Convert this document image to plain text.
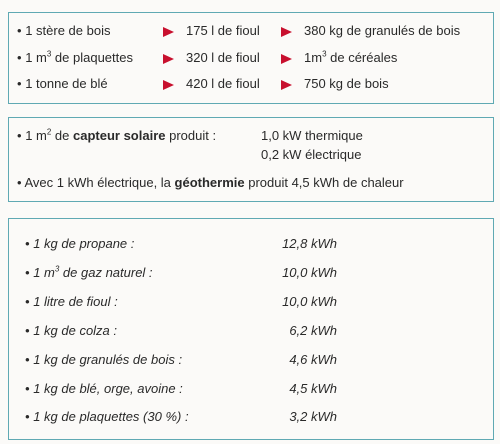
• 1 stère de bois	175 l de fioul	380 kg de granulés de bois
• 1 $m^3$ de plaquettes	320 l de fioul	$1m^3$ de céréales
• 1 tonne de blé	420 l de fioul	750 kg de bois
• 1 $m^2$ de capteur solaire produit :	1,0 kW thermique
0,2 kW électrique
• Avec 1 kWh électrique, la géothermie produit 4,5 kWh de chaleur
• 1 kg de propane :	12,8 kWh
• 1 $m^3$ de gaz naturel :	10,0 kWh
• 1 litre de fioul :	10,0 kWh
• 1 kg de colza :	6,2 kWh
• 1 kg de granulés de bois :	4,6 kWh
• 1 kg de blé, orge, avoine :	4,5 kWh
• 1 kg de plaquettes (30 %) :	3,2 kWh
